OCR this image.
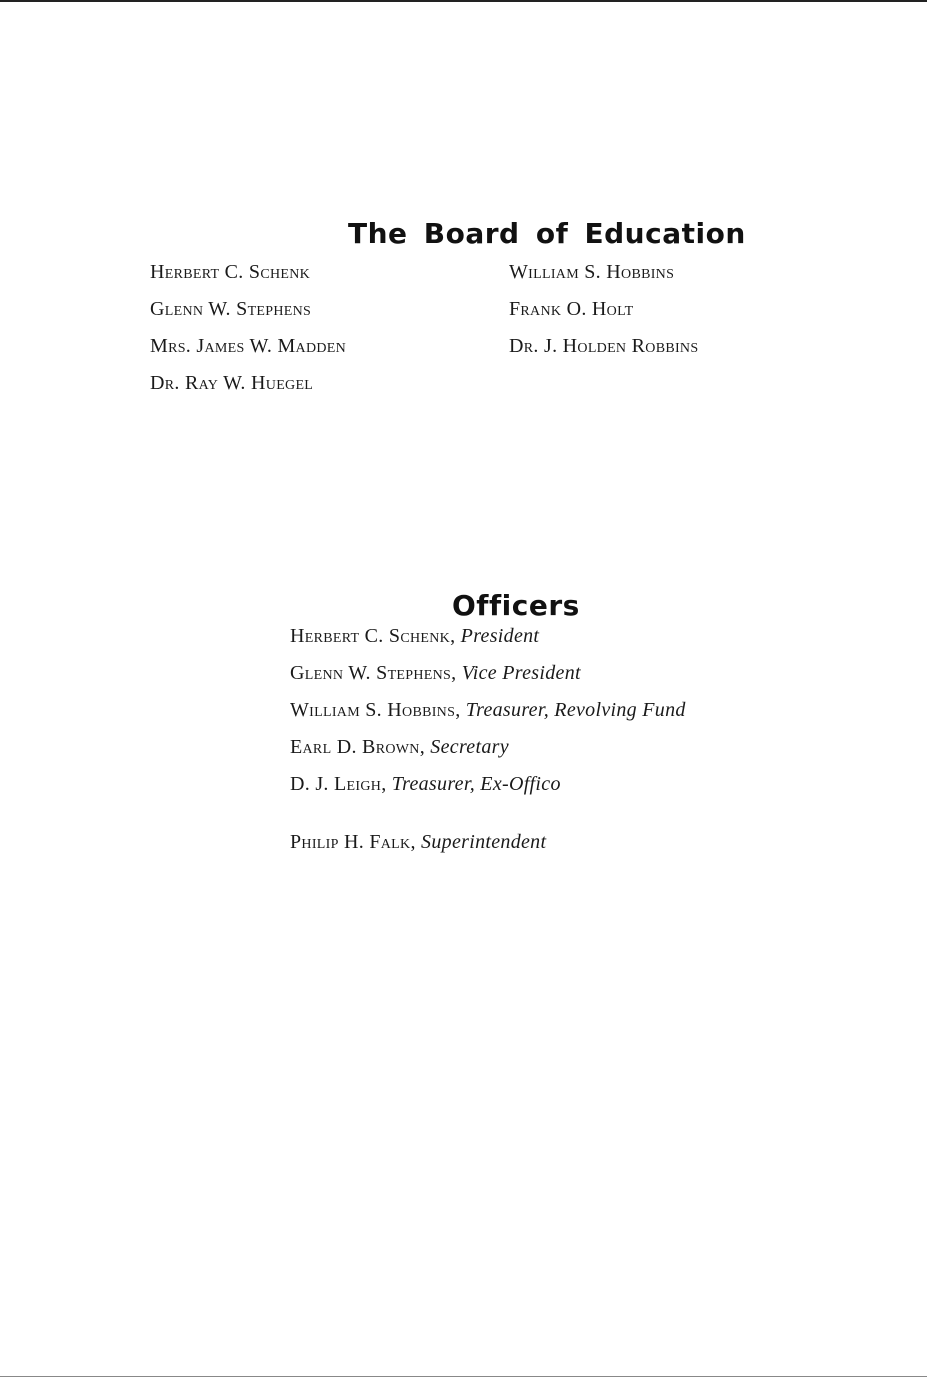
The Board of Education
Herbert C. Schenk
Glenn W. Stephens
Mrs. James W. Madden
Dr. Ray W. Huegel
William S. Hobbins
Frank O. Holt
Dr. J. Holden Robbins
Officers
Herbert C. Schenk, President
Glenn W. Stephens, Vice President
William S. Hobbins, Treasurer, Revolving Fund
Earl D. Brown, Secretary
D. J. Leigh, Treasurer, Ex-Offico
Philip H. Falk, Superintendent
